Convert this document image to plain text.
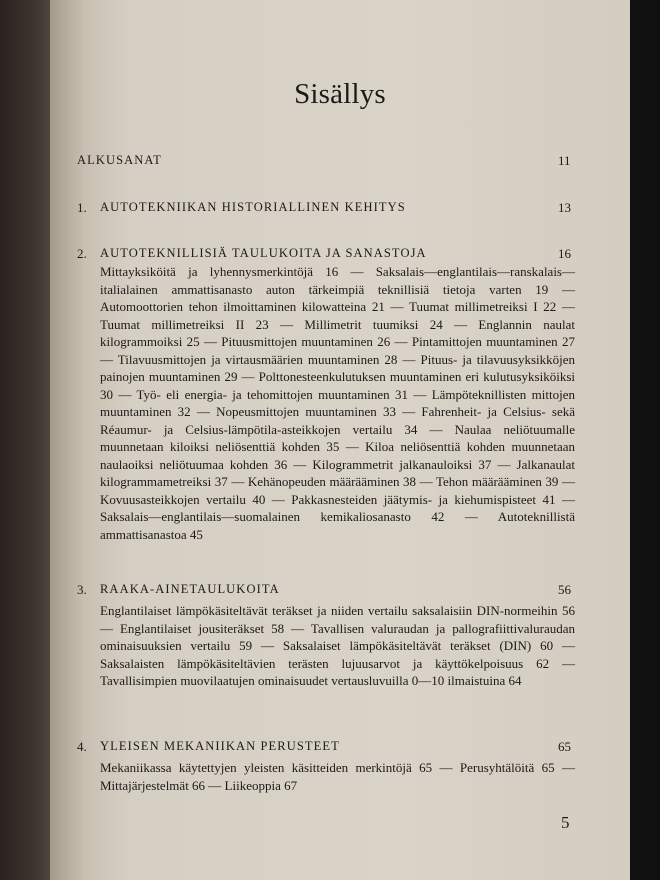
Sisällys
ALKUSANAT	11
1. AUTOTEKNIIKAN HISTORIALLINEN KEHITYS	13
2. AUTOTEKNILLISIÄ TAULUKOITA JA SANASTOJA	16
Mittayksiköitä ja lyhennysmerkintöjä 16 — Saksalais—englantilais—ranskalais—italialainen ammattisanasto auton tärkeimpiä teknillisiä tietoja varten 19 — Automoottorien tehon ilmoittaminen kilowatteina 21 — Tuumat millimetreiksi I 22 — Tuumat millimetreiksi II 23 — Millimetrit tuumiksi 24 — Englannin naulat kilogrammoiksi 25 — Pituusmittojen muuntaminen 26 — Pintamittojen muuntaminen 27 — Tilavuusmittojen ja virtausmäärien muuntaminen 28 — Pituus- ja tilavuusyksikköjen painojen muuntaminen 29 — Polttonesteenkulutuksen muuntaminen eri kulutusyksiköiksi 30 — Työ- eli energia- ja tehomittojen muuntaminen 31 — Lämpöteknillisten mittojen muuntaminen 32 — Nopeusmittojen muuntaminen 33 — Fahrenheit- ja Celsius- sekä Réaumur- ja Celsius-lämpötila-asteikkojen vertailu 34 — Naulaa neliötuumalle muunnetaan kiloiksi neliösenttiä kohden 35 — Kiloa neliösenttiä kohden muunnetaan naulaoiksi neliötuumaa kohden 36 — Kilogrammetrit jalkanauloiksi 37 — Jalkanaulat kilogrammametreiksi 37 — Kehänopeuden määrääminen 38 — Tehon määrääminen 39 — Kovuusasteikkojen vertailu 40 — Pakkasnesteiden jäätymis- ja kiehumispisteet 41 — Saksalais—englantilais—suomalainen kemikaliosanasto 42 — Autoteknillistä ammattisanastoa 45
3. RAAKA-AINETAULUKOITA	56
Englantilaiset lämpökäsiteltävät teräkset ja niiden vertailu saksalaisiin DIN-normeihin 56 — Englantilaiset jousiteräkset 58 — Tavallisen valuraudan ja pallografiittivaluraudan ominaisuuksien vertailu 59 — Saksalaiset lämpökäsiteltävät teräkset (DIN) 60 — Saksalaisten lämpökäsiteltävien terästen lujuusarvot ja käyttökelpoisuus 62 — Tavallisimpien muovilaatujen ominaisuudet vertausluvuilla 0—10 ilmaistuina 64
4. YLEISEN MEKANIIKAN PERUSTEET	65
Mekaniikassa käytettyjen yleisten käsitteiden merkintöjä 65 — Perusyhtälöitä 65 — Mittajärjestelmät 66 — Liikeoppia 67
5
